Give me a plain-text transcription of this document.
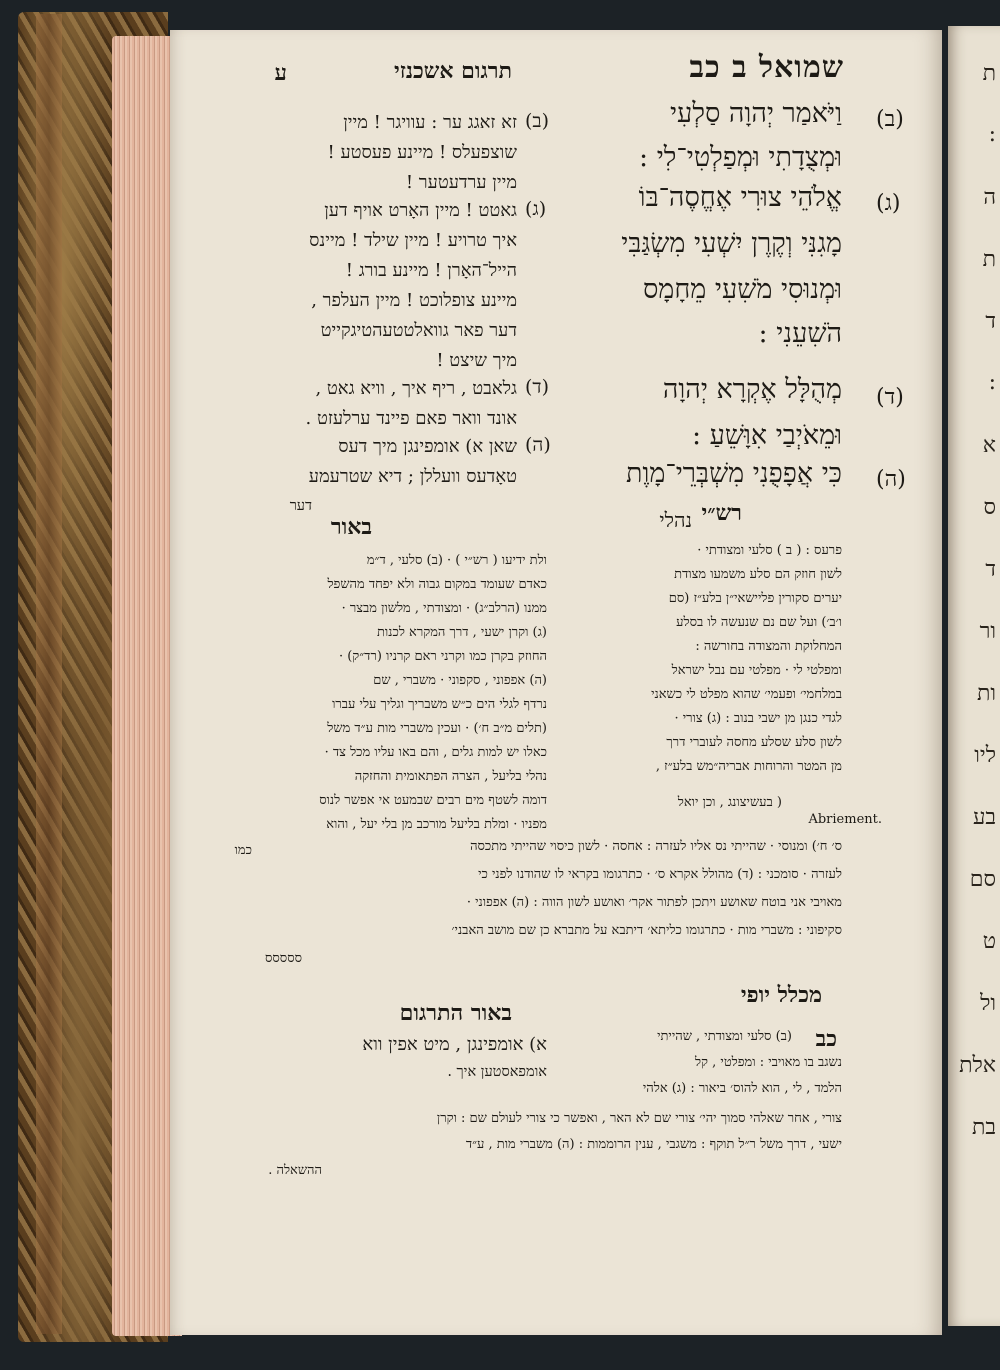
ת
:
ה
ת
ד
:
א
ס
ד
ור
ות
ליו
בע
סם
ט
ול
אלת
בת
שמואל ב כב
תרגום אשכנזי
ע
(ב)
וַיֹּאמַר יְהוָה סַלְעִי
וּמְצֻדָתִי וּמְפַלְטִי־לִי :
(ג)
אֱלֹהֵי צוּרִי אֶחֱסֶה־בּוֹ
מָגִנִּי וְקֶרֶן יִשְׁעִי מִשְׂגַּבִּי
וּמְנוּסִי מֹשִׁעִי מֵחָמָס
הֹשִׁעֵנִי :
(ד)
מְהֻלָּל אֶקְרָא יְהוָה
וּמֵאֹיְבַי אִוָּשֵׁעַ :
(ה)
כִּי אֲפָפֻנִי מִשְׁבְּרֵי־מָוֶת
נהלי
(ב)
זא זאגג ער : עוויגר ! מיין
שוצפעלס ! מיינע פעסטע !
מיין ערדעטער !
(ג)
גאטט ! מיין האָרט אויף דען
איך טרויע ! מיין שילד ! מיינס
הייל־האָרן ! מיינע בורג !
מיינע צופלוכט ! מיין העלפר ,
דער פאר גוואלטטעהטיגקייט
מיך שיצט !
(ד)
גלאבט , ריף איך , וויא גאט ,
אונד וואר פאם פיינד ערלעזט .
(ה)
שאן א) אומפינגן מיך דעס
טאָדעס וועללן ; דיא שטרעמע
דער
באור
ולת ידיעו ( רש״י ) · (ב) סלעי , ד״מ
כאדם שעומד במקום גבוה ולא יפחד מהשפל
ממנו (הרלב״ג) · ומצודתי , מלשון מבצר ·
(ג) וקרן ישעי , דרך המקרא לכנות
החוזק בקרן כמו וקרני ראם קרניו (רד״ק) ·
(ה) אפפוני , סקפוני · משברי , שם
נרדף לגלי הים כ״ש משבריך וגליך עלי עברו
(תלים מ״ב ח׳) · ועכין משברי מות ע״ד משל
כאלו יש למות גלים , והם באו עליו מכל צד ·
נהלי בליעל , הצרה הפתאומית והחזקה
דומה לשטף מים רבים שבמעט אי אפשר לנוס
מפניו · ומלת בליעל מורכב מן בלי יעל , והוא
כמו
רש״י
פרעס : ( ב ) סלעי ומצודתי ·
לשון חוזק הם סלע משמעו מצודת
יערים סקורין פליישאי״ן בלע״ז (סם
ו׳ב׳) ועל שם נם שנעשה לו בסלע
המחלוקת והמצודה בחורשה :
ומפלטי לי · מפלטי עם נבל ישראל
במלחמי׳ ופעמי׳ שהוא מפלט לי כשאני
לגדי כנגן מן ישבי בנוב : (ג) צורי ·
לשון סלע שסלע מחסה לעוברי דרך
מן המטר והרוחות אבריה״מש בלע״ז ,
( בעשיצונג , וכן יואל
Abriement.
ס׳ ח׳) ומנוסי · שהייתי נס אליו לעזרה : אחסה · לשון כיסוי שהייתי מתכסה
לעזרה · סומכני : (ד) מהולל אקרא ס׳ · כתרגומו בקראי לו שהודנו לפני כי
מאויבי אני בוטח שאושע ויתכן לפתור אקר׳ ואושע לשון הווה : (ה) אפפוני ·
סקיפוני : משברי מות · כתרגומו כליתא׳ דיתבא על מתברא כן שם מושב האבני׳
ססססס
מכלל יופי
כב
(ב) סלעי ומצודתי , שהייתי
נשגב בו מאויבי : ומפלטי , קל
הלמד , לי , הוא להוס׳ ביאור : (ג) אלהי
צורי , אחר שאלהי סמוך יהי׳ צורי שם לא האר , ואפשר כי צורי לעולם שם : וקרן
ישעי , דרך משל ר״ל תוקף : משגבי , ענין הרוממות : (ה) משברי מות , ע״ד
ההשאלה .
באור התרגום
א) אומפינגן , מיט אפין ווא
אומפאסטען איך .
